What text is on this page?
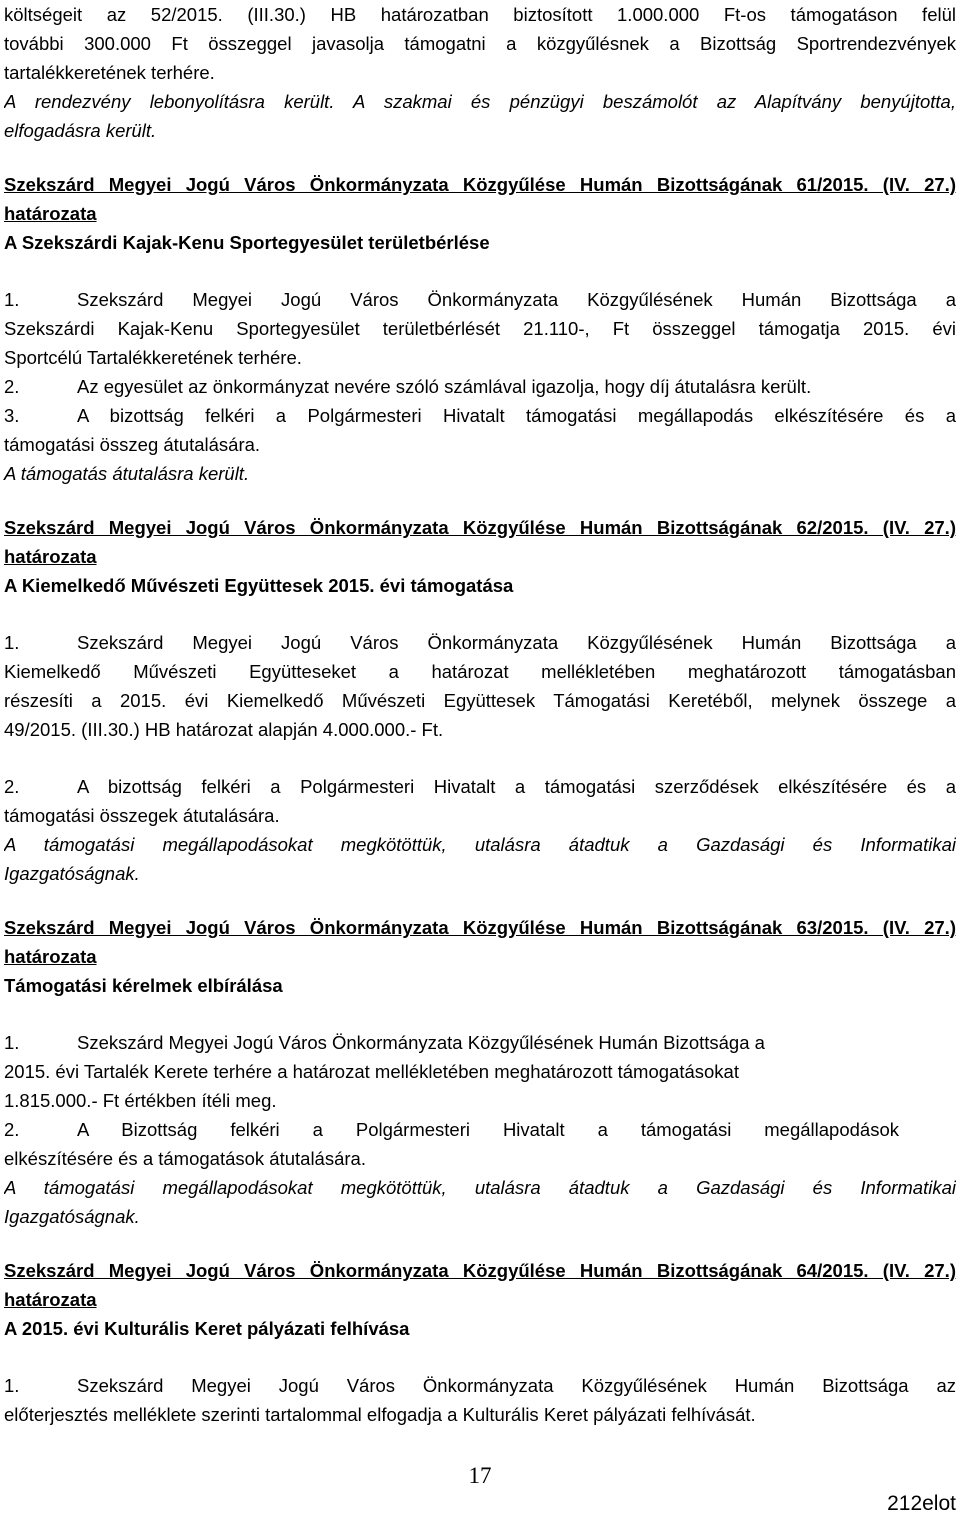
költségeit az 52/2015. (III.30.) HB határozatban biztosított 1.000.000 Ft-os támogatáson felül
további 300.000 Ft összeggel javasolja támogatni a közgyűlésnek a Bizottság Sportrendezvények
tartalékkeretének terhére.
A rendezvény lebonyolításra került. A szakmai és pénzügyi beszámolót az Alapítvány benyújtotta,
elfogadásra került.
Szekszárd Megyei Jogú Város Önkormányzata Közgyűlése Humán Bizottságának 61/2015. (IV. 27.)
határozata
A Szekszárdi Kajak-Kenu Sportegyesület területbérlése
1.	Szekszárd Megyei Jogú Város Önkormányzata Közgyűlésének Humán Bizottsága a
Szekszárdi Kajak-Kenu Sportegyesület területbérlését 21.110-, Ft összeggel támogatja 2015. évi
Sportcélú Tartalékkeretének terhére.
2.	Az egyesület az önkormányzat nevére szóló számlával igazolja, hogy díj átutalásra került.
3.	A bizottság felkéri a Polgármesteri Hivatalt támogatási megállapodás elkészítésére és a
támogatási összeg átutalására.
A támogatás átutalásra került.
Szekszárd Megyei Jogú Város Önkormányzata Közgyűlése Humán Bizottságának 62/2015. (IV. 27.)
határozata
A Kiemelkedő Művészeti Együttesek 2015. évi támogatása
1.	Szekszárd Megyei Jogú Város Önkormányzata Közgyűlésének Humán Bizottsága a
Kiemelkedő Művészeti Együtteseket a határozat mellékletében meghatározott támogatásban
részesíti a 2015. évi Kiemelkedő Művészeti Együttesek Támogatási Keretéből, melynek összege a
49/2015. (III.30.) HB határozat alapján 4.000.000.- Ft.
2.	A bizottság felkéri a Polgármesteri Hivatalt a támogatási szerződések elkészítésére és a
támogatási összegek átutalására.
A támogatási megállapodásokat megkötöttük, utalásra átadtuk a Gazdasági és Informatikai
Igazgatóságnak.
Szekszárd Megyei Jogú Város Önkormányzata Közgyűlése Humán Bizottságának 63/2015. (IV. 27.)
határozata
Támogatási kérelmek elbírálása
1.	Szekszárd Megyei Jogú Város Önkormányzata Közgyűlésének Humán Bizottsága a
2015. évi Tartalék Kerete terhére a határozat mellékletében meghatározott támogatásokat
1.815.000.- Ft értékben ítéli meg.
2.	A Bizottság felkéri a Polgármesteri Hivatalt a támogatási megállapodások
elkészítésére és a támogatások átutalására.
A támogatási megállapodásokat megkötöttük, utalásra átadtuk a Gazdasági és Informatikai
Igazgatóságnak.
Szekszárd Megyei Jogú Város Önkormányzata Közgyűlése Humán Bizottságának 64/2015. (IV. 27.)
határozata
A 2015. évi Kulturális Keret pályázati felhívása
1.	Szekszárd Megyei Jogú Város Önkormányzata Közgyűlésének Humán Bizottsága az
előterjesztés melléklete szerinti tartalommal elfogadja a Kulturális Keret pályázati felhívását.
17
212elot
